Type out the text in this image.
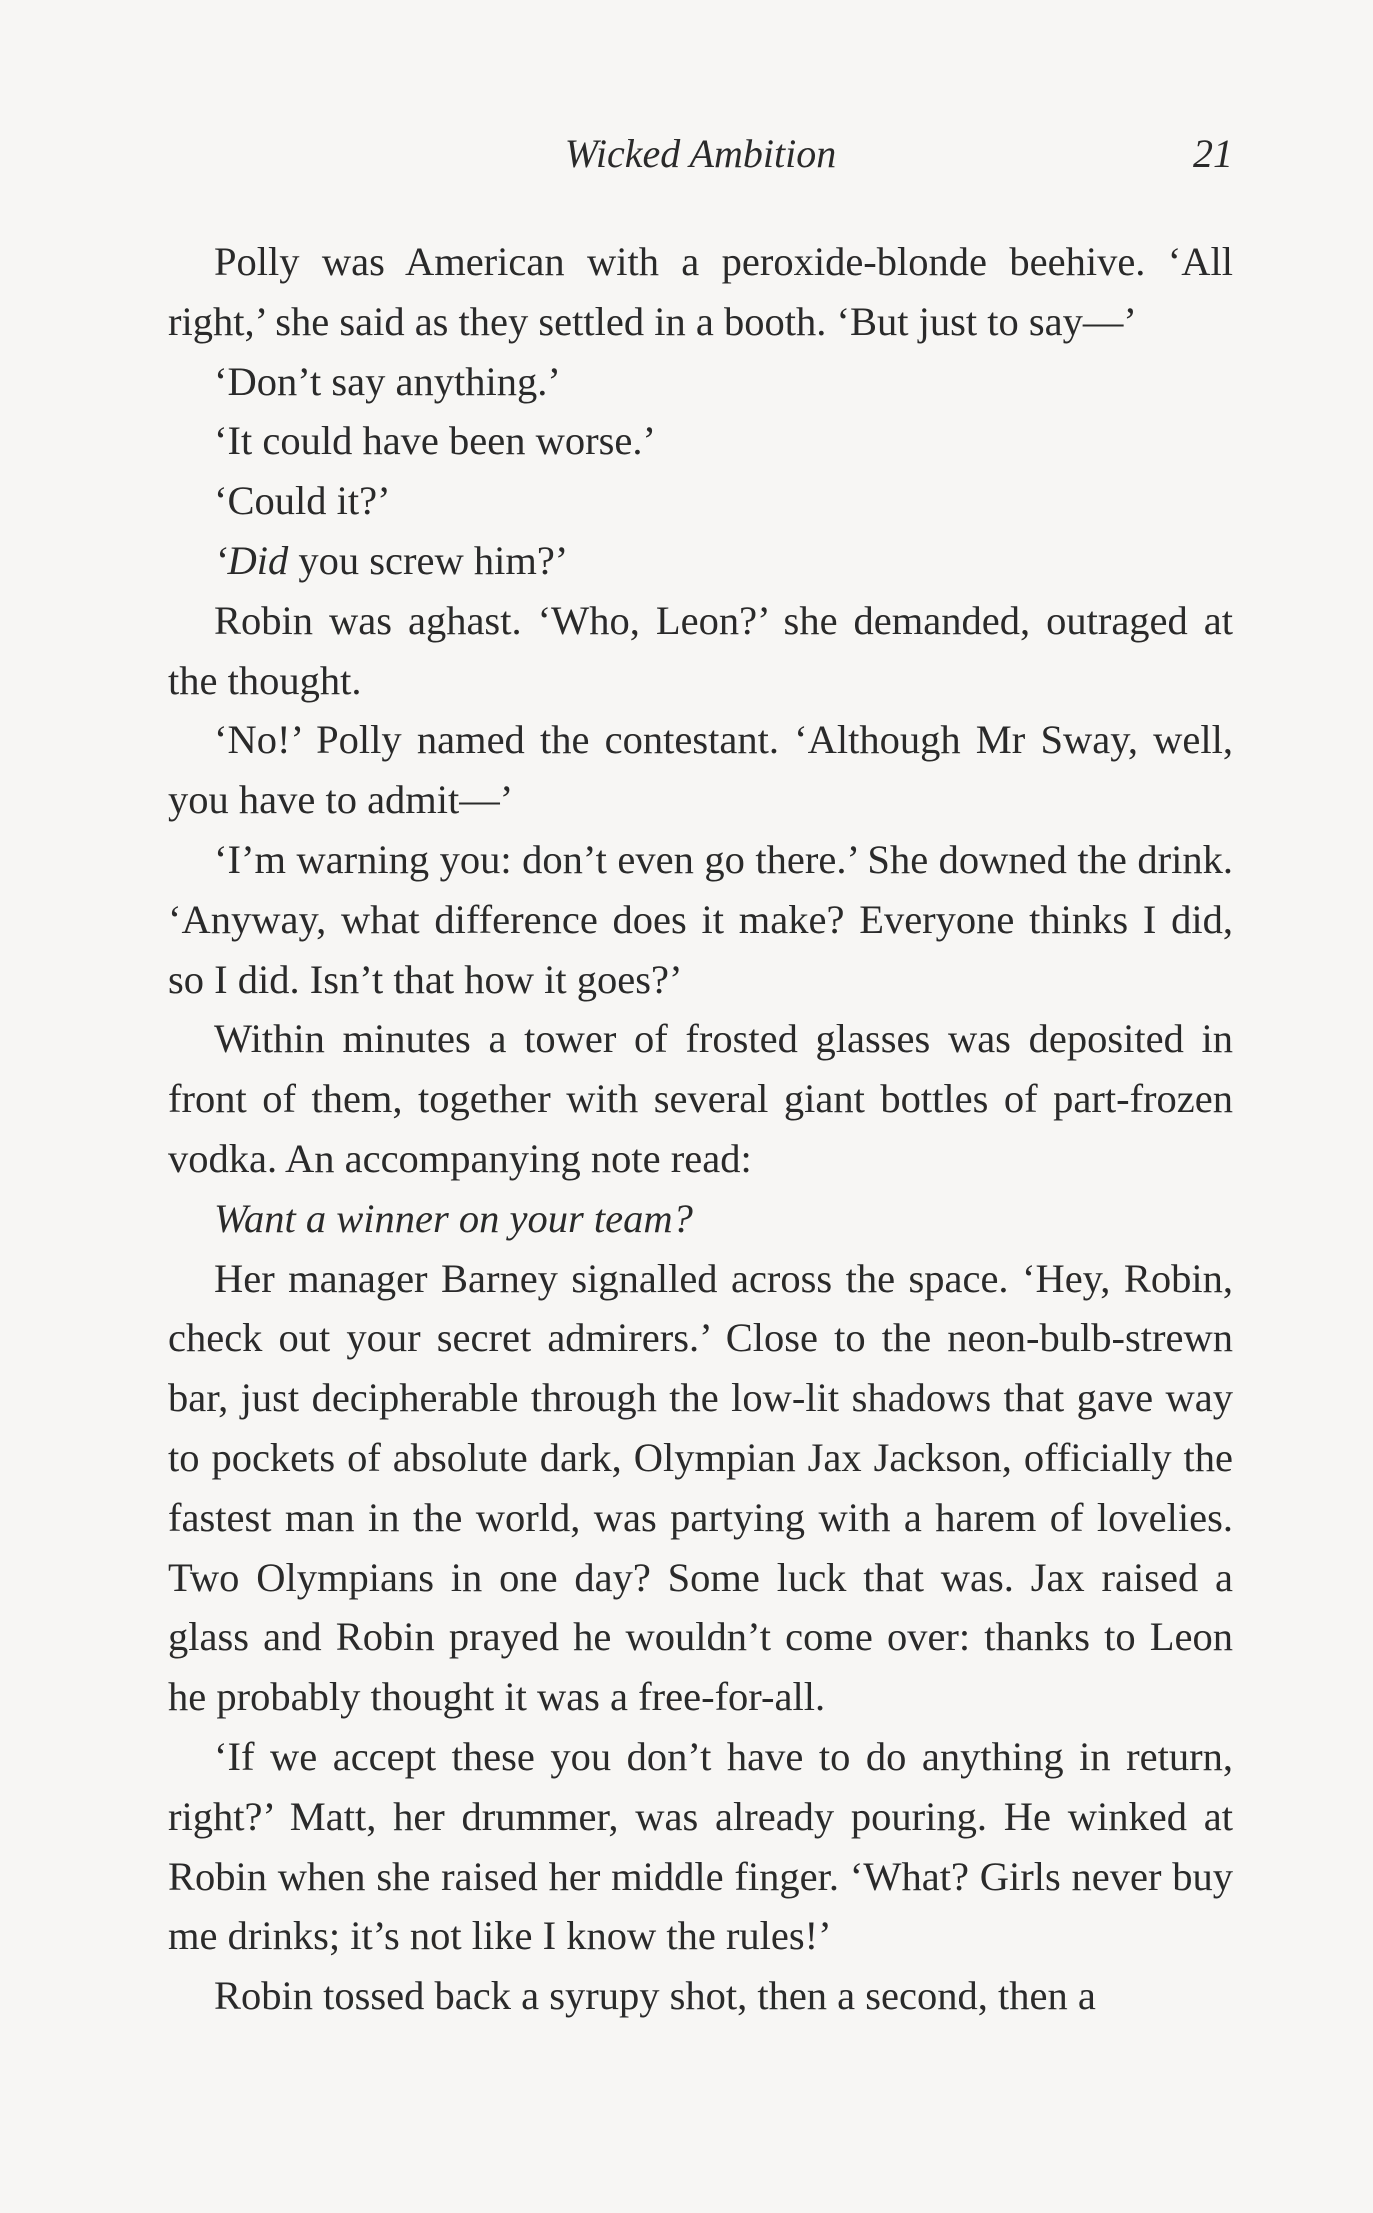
Wicked Ambition	21

Polly was American with a peroxide-blonde beehive. ‘All right,’ she said as they settled in a booth. ‘But just to say—’

‘Don’t say anything.’

‘It could have been worse.’

‘Could it?’

‘Did you screw him?’

Robin was aghast. ‘Who, Leon?’ she demanded, outraged at the thought.

‘No!’ Polly named the contestant. ‘Although Mr Sway, well, you have to admit—’

‘I’m warning you: don’t even go there.’ She downed the drink. ‘Anyway, what difference does it make? Everyone thinks I did, so I did. Isn’t that how it goes?’

Within minutes a tower of frosted glasses was deposited in front of them, together with several giant bottles of part-frozen vodka. An accompanying note read:

Want a winner on your team?

Her manager Barney signalled across the space. ‘Hey, Robin, check out your secret admirers.’ Close to the neon-bulb-strewn bar, just decipherable through the low-lit shadows that gave way to pockets of absolute dark, Olympian Jax Jackson, officially the fastest man in the world, was partying with a harem of lovelies. Two Olympians in one day? Some luck that was. Jax raised a glass and Robin prayed he wouldn’t come over: thanks to Leon he probably thought it was a free-for-all.

‘If we accept these you don’t have to do anything in return, right?’ Matt, her drummer, was already pouring. He winked at Robin when she raised her middle finger. ‘What? Girls never buy me drinks; it’s not like I know the rules!’

Robin tossed back a syrupy shot, then a second, then a
